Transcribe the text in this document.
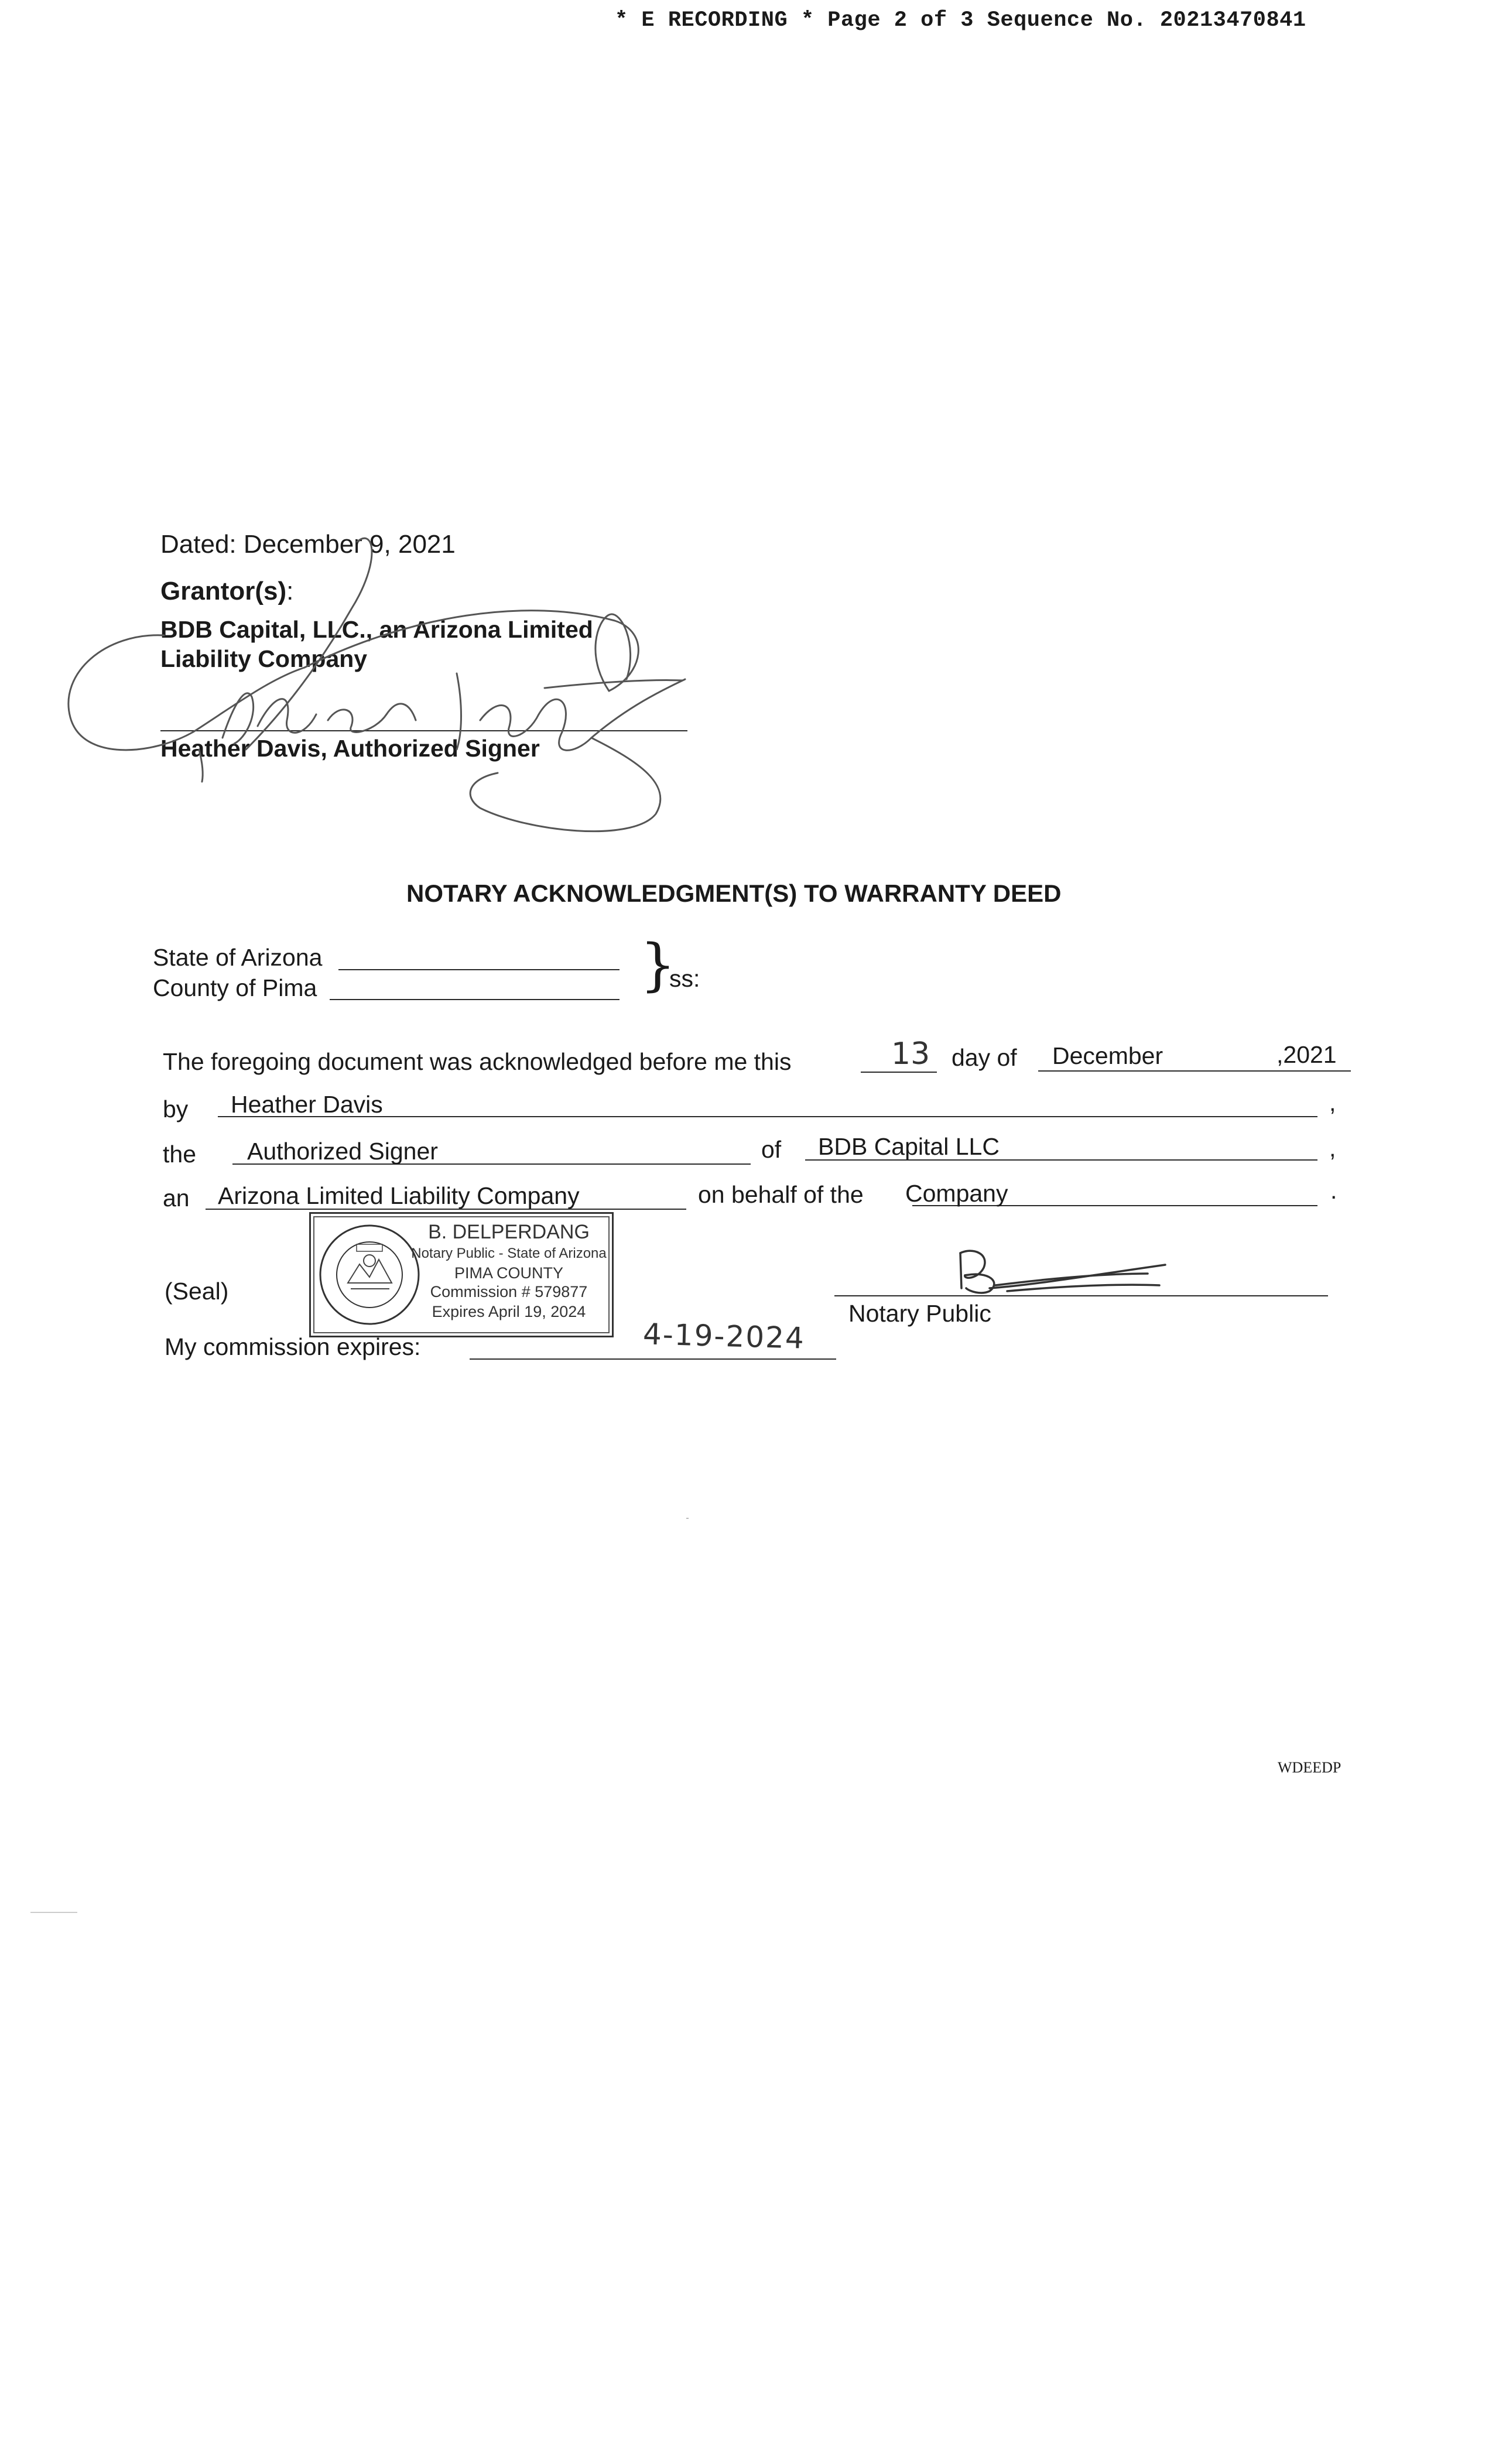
* E RECORDING * Page 2 of 3 Sequence No. 20213470841
Dated: December 9, 2021
Grantor(s):
BDB Capital, LLC., an Arizona Limited
Liability Company
Heather Davis, Authorized Signer
NOTARY ACKNOWLEDGMENT(S) TO WARRANTY DEED
State of Arizona
County of Pima	}
ss:
The foregoing document was acknowledged before me this	13 day of December	,2021
by Heather Davis	,
the Authorized Signer	of BDB Capital LLC	,
an Arizona Limited Liability Company	on behalf of the Company	.
(Seal)
B. DELPERDANG
Notary Public - State of Arizona
PIMA COUNTY
Commission # 579877
Expires April 19, 2024	Notary Public
My commission expires:	4-19-2024
WDEEDP
